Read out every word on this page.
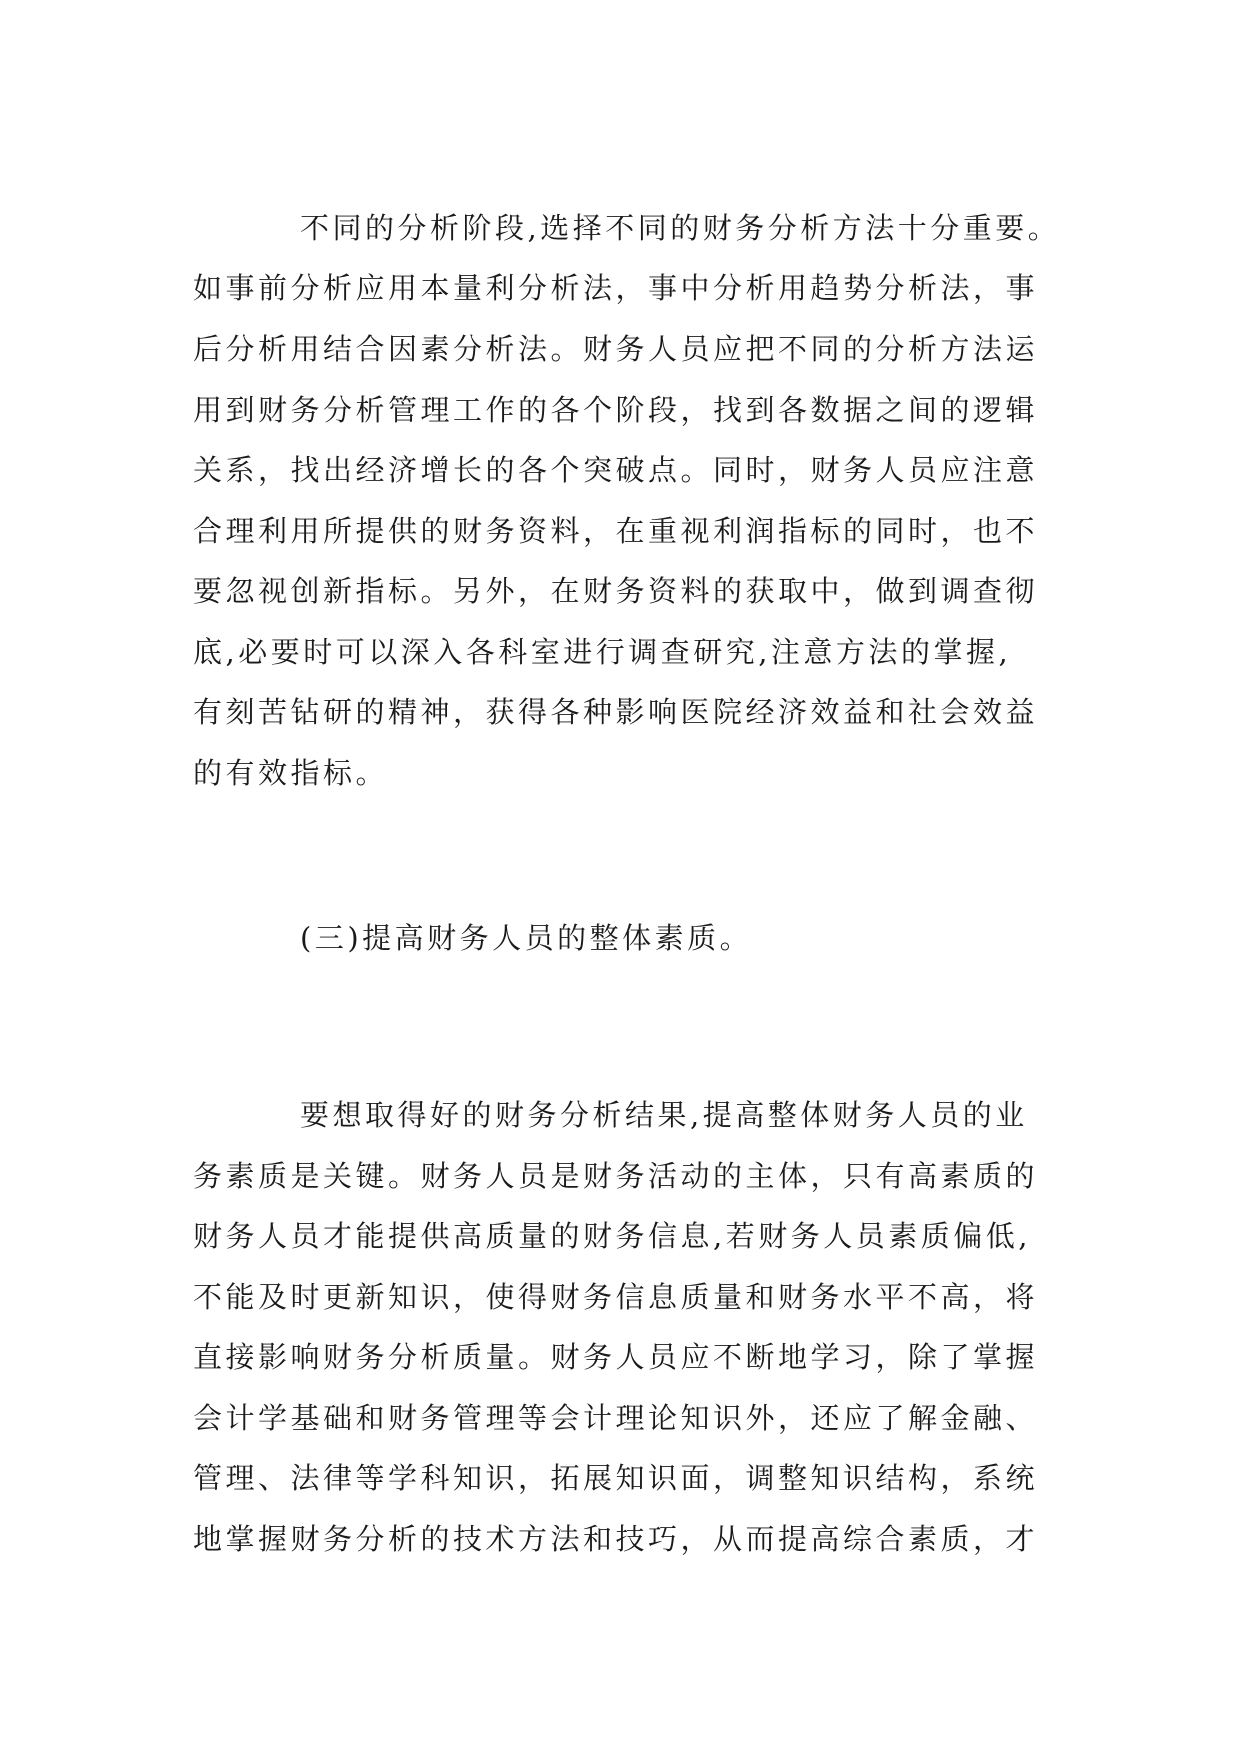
不同的分析阶段,选择不同的财务分析方法十分重要。
如事前分析应用本量利分析法，事中分析用趋势分析法，事
后分析用结合因素分析法。财务人员应把不同的分析方法运
用到财务分析管理工作的各个阶段，找到各数据之间的逻辑
关系，找出经济增长的各个突破点。同时，财务人员应注意
合理利用所提供的财务资料，在重视利润指标的同时，也不
要忽视创新指标。另外，在财务资料的获取中，做到调查彻
底,必要时可以深入各科室进行调查研究,注意方法的掌握,
有刻苦钻研的精神，获得各种影响医院经济效益和社会效益
的有效指标。
(三)提高财务人员的整体素质。
要想取得好的财务分析结果,提高整体财务人员的业
务素质是关键。财务人员是财务活动的主体，只有高素质的
财务人员才能提供高质量的财务信息,若财务人员素质偏低,
不能及时更新知识，使得财务信息质量和财务水平不高，将
直接影响财务分析质量。财务人员应不断地学习，除了掌握
会计学基础和财务管理等会计理论知识外，还应了解金融、
管理、法律等学科知识，拓展知识面，调整知识结构，系统
地掌握财务分析的技术方法和技巧，从而提高综合素质，才
